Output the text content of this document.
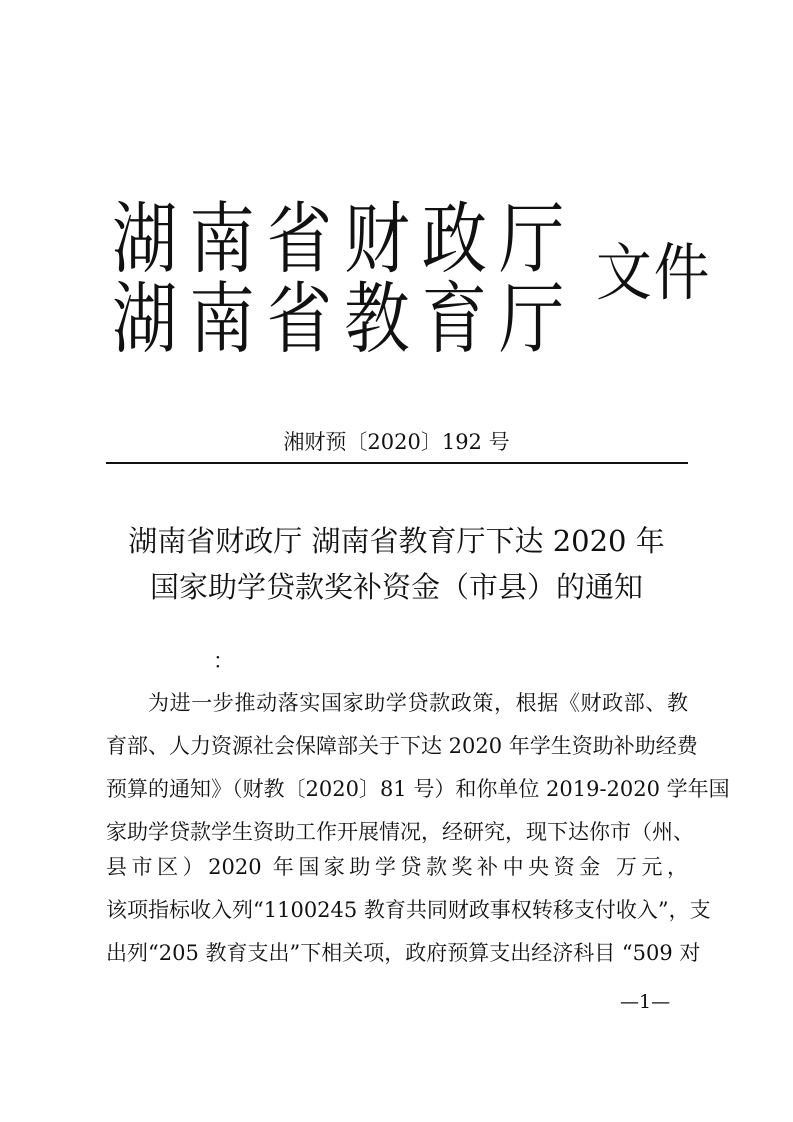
湖南省财政厅
湖南省教育厅
文件
湘财预〔2020〕192 号
湖南省财政厅 湖南省教育厅下达 2020 年
国家助学贷款奖补资金（市县）的通知
：
为进一步推动落实国家助学贷款政策，根据《财政部、教
育部、人力资源社会保障部关于下达 2020 年学生资助补助经费
预算的通知》（财教〔2020〕81 号）和你单位 2019-2020 学年国
家助学贷款学生资助工作开展情况，经研究，现下达你市（州、
县市区）2020 年国家助学贷款奖补中央资金 万元，
该项指标收入列“1100245 教育共同财政事权转移支付收入”，支
出列“205 教育支出”下相关项，政府预算支出经济科目 “509 对
—1—
